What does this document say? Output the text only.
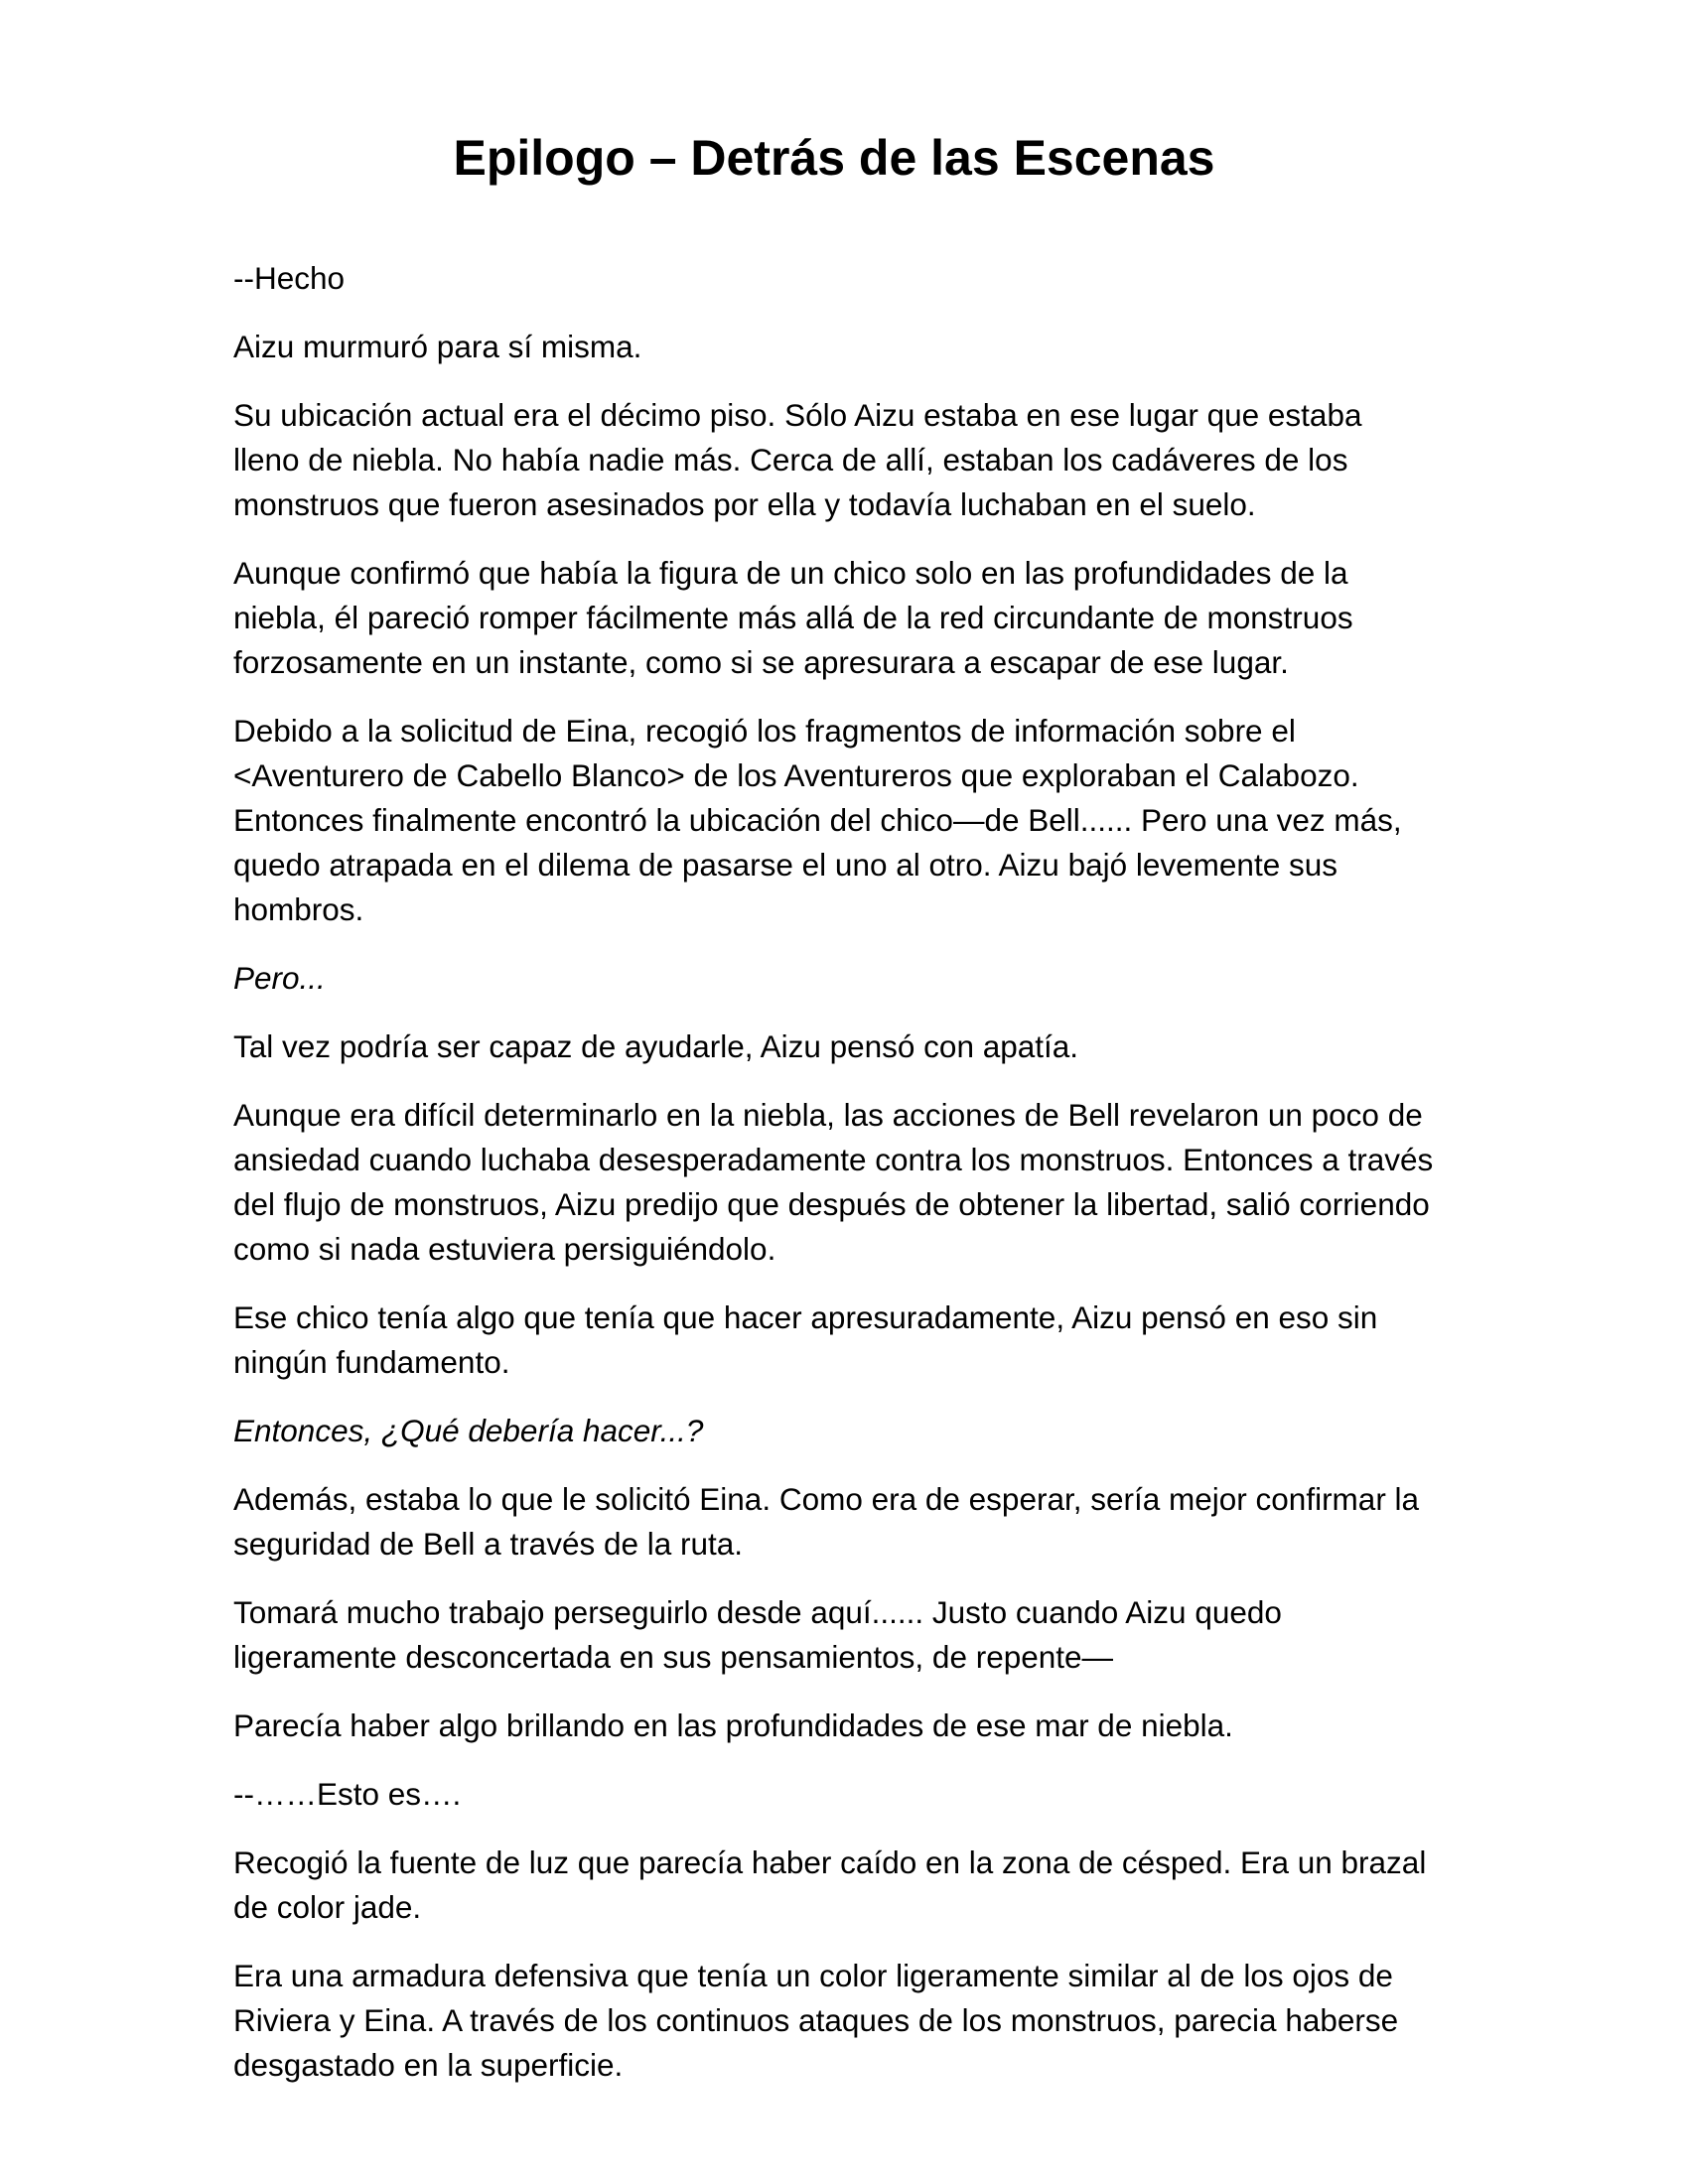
Epilogo – Detrás de las Escenas

--Hecho

Aizu murmuró para sí misma.

Su ubicación actual era el décimo piso. Sólo Aizu estaba en ese lugar que estaba lleno de niebla. No había nadie más. Cerca de allí, estaban los cadáveres de los monstruos que fueron asesinados por ella y todavía luchaban en el suelo.

Aunque confirmó que había la figura de un chico solo en las profundidades de la niebla, él pareció romper fácilmente más allá de la red circundante de monstruos forzosamente en un instante, como si se apresurara a escapar de ese lugar.

Debido a la solicitud de Eina, recogió los fragmentos de información sobre el <Aventurero de Cabello Blanco> de los Aventureros que exploraban el Calabozo. Entonces finalmente encontró la ubicación del chico—de Bell...... Pero una vez más, quedo atrapada en el dilema de pasarse el uno al otro. Aizu bajó levemente sus hombros.

Pero...

Tal vez podría ser capaz de ayudarle, Aizu pensó con apatía.

Aunque era difícil determinarlo en la niebla, las acciones de Bell revelaron un poco de ansiedad cuando luchaba desesperadamente contra los monstruos. Entonces a través del flujo de monstruos, Aizu predijo que después de obtener la libertad, salió corriendo como si nada estuviera persiguiéndolo.

Ese chico tenía algo que tenía que hacer apresuradamente, Aizu pensó en eso sin ningún fundamento.

Entonces, ¿Qué debería hacer...?

Además, estaba lo que le solicitó Eina. Como era de esperar, sería mejor confirmar la seguridad de Bell a través de la ruta.

Tomará mucho trabajo perseguirlo desde aquí...... Justo cuando Aizu quedo ligeramente desconcertada en sus pensamientos, de repente—

Parecía haber algo brillando en las profundidades de ese mar de niebla.

--……Esto es….

Recogió la fuente de luz que parecía haber caído en la zona de césped. Era un brazal de color jade.

Era una armadura defensiva que tenía un color ligeramente similar al de los ojos de Riviera y Eina. A través de los continuos ataques de los monstruos, parecia haberse desgastado en la superficie.
